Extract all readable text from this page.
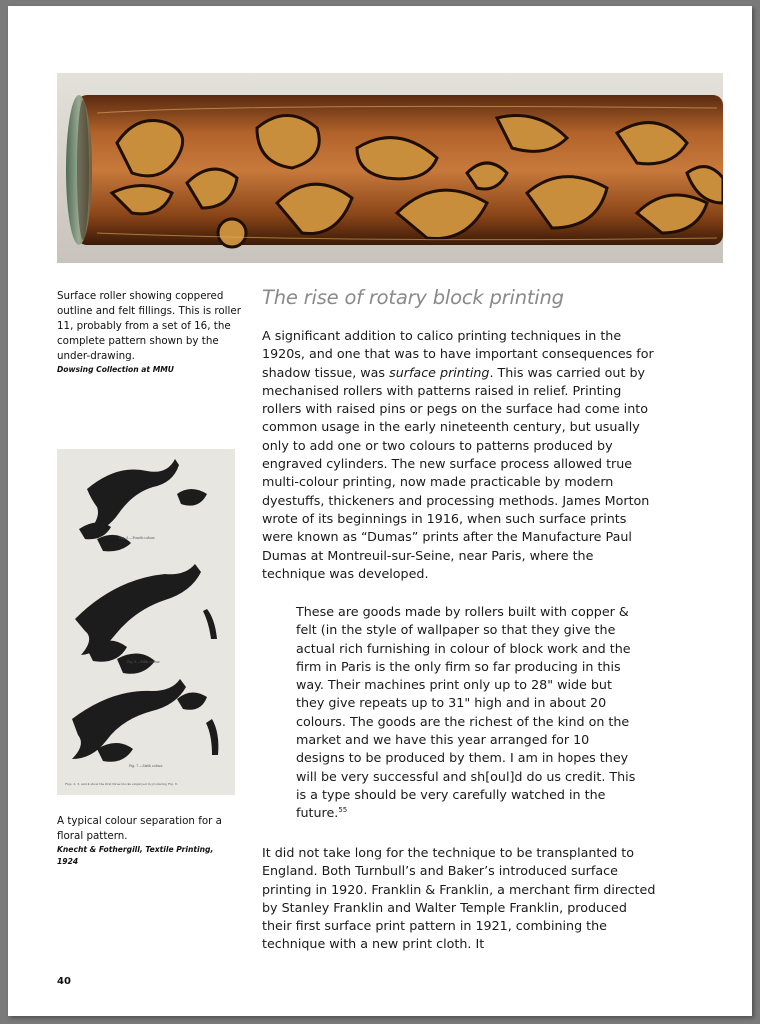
Surface roller showing coppered outline and felt fillings. This is roller 11, probably from a set of 16, the complete pattern shown by the under-drawing.
Dowsing Collection at MMU
Fig. 5.—Fourth colour.
Fig. 6.—Fifth colour.
Fig. 7.—Sixth colour.
Figs. 2, 3, and 4 show the first three blocks employed in producing Fig. 8.
A typical colour separation for a floral pattern.
Knecht & Fothergill, Textile Printing, 1924
The rise of rotary block printing

A significant addition to calico printing techniques in the 1920s, and one that was to have important consequences for shadow tissue, was surface printing. This was carried out by mechanised rollers with patterns raised in relief. Printing rollers with raised pins or pegs on the surface had come into common usage in the early nineteenth century, but usually only to add one or two colours to patterns produced by engraved cylinders. The new surface process allowed true multi-colour printing, now made practicable by modern dyestuffs, thickeners and processing methods. James Morton wrote of its beginnings in 1916, when such surface prints were known as “Dumas” prints after the Manufacture Paul Dumas at Montreuil-sur-Seine, near Paris, where the technique was developed.

These are goods made by rollers built with copper & felt (in the style of wallpaper so that they give the actual rich furnishing in colour of block work and the firm in Paris is the only firm so far producing in this way. Their machines print only up to 28" wide but they give repeats up to 31" high and in about 20 colours. The goods are the richest of the kind on the market and we have this year arranged for 10 designs to be produced by them. I am in hopes they will be very successful and sh[oul]d do us credit. This is a type should be very carefully watched in the future.$^{55}$

It did not take long for the technique to be transplanted to England. Both Turnbull’s and Baker’s introduced surface printing in 1920. Franklin & Franklin, a merchant firm directed by Stanley Franklin and Walter Temple Franklin, produced their first surface print pattern in 1921, combining the technique with a new print cloth. It

40
